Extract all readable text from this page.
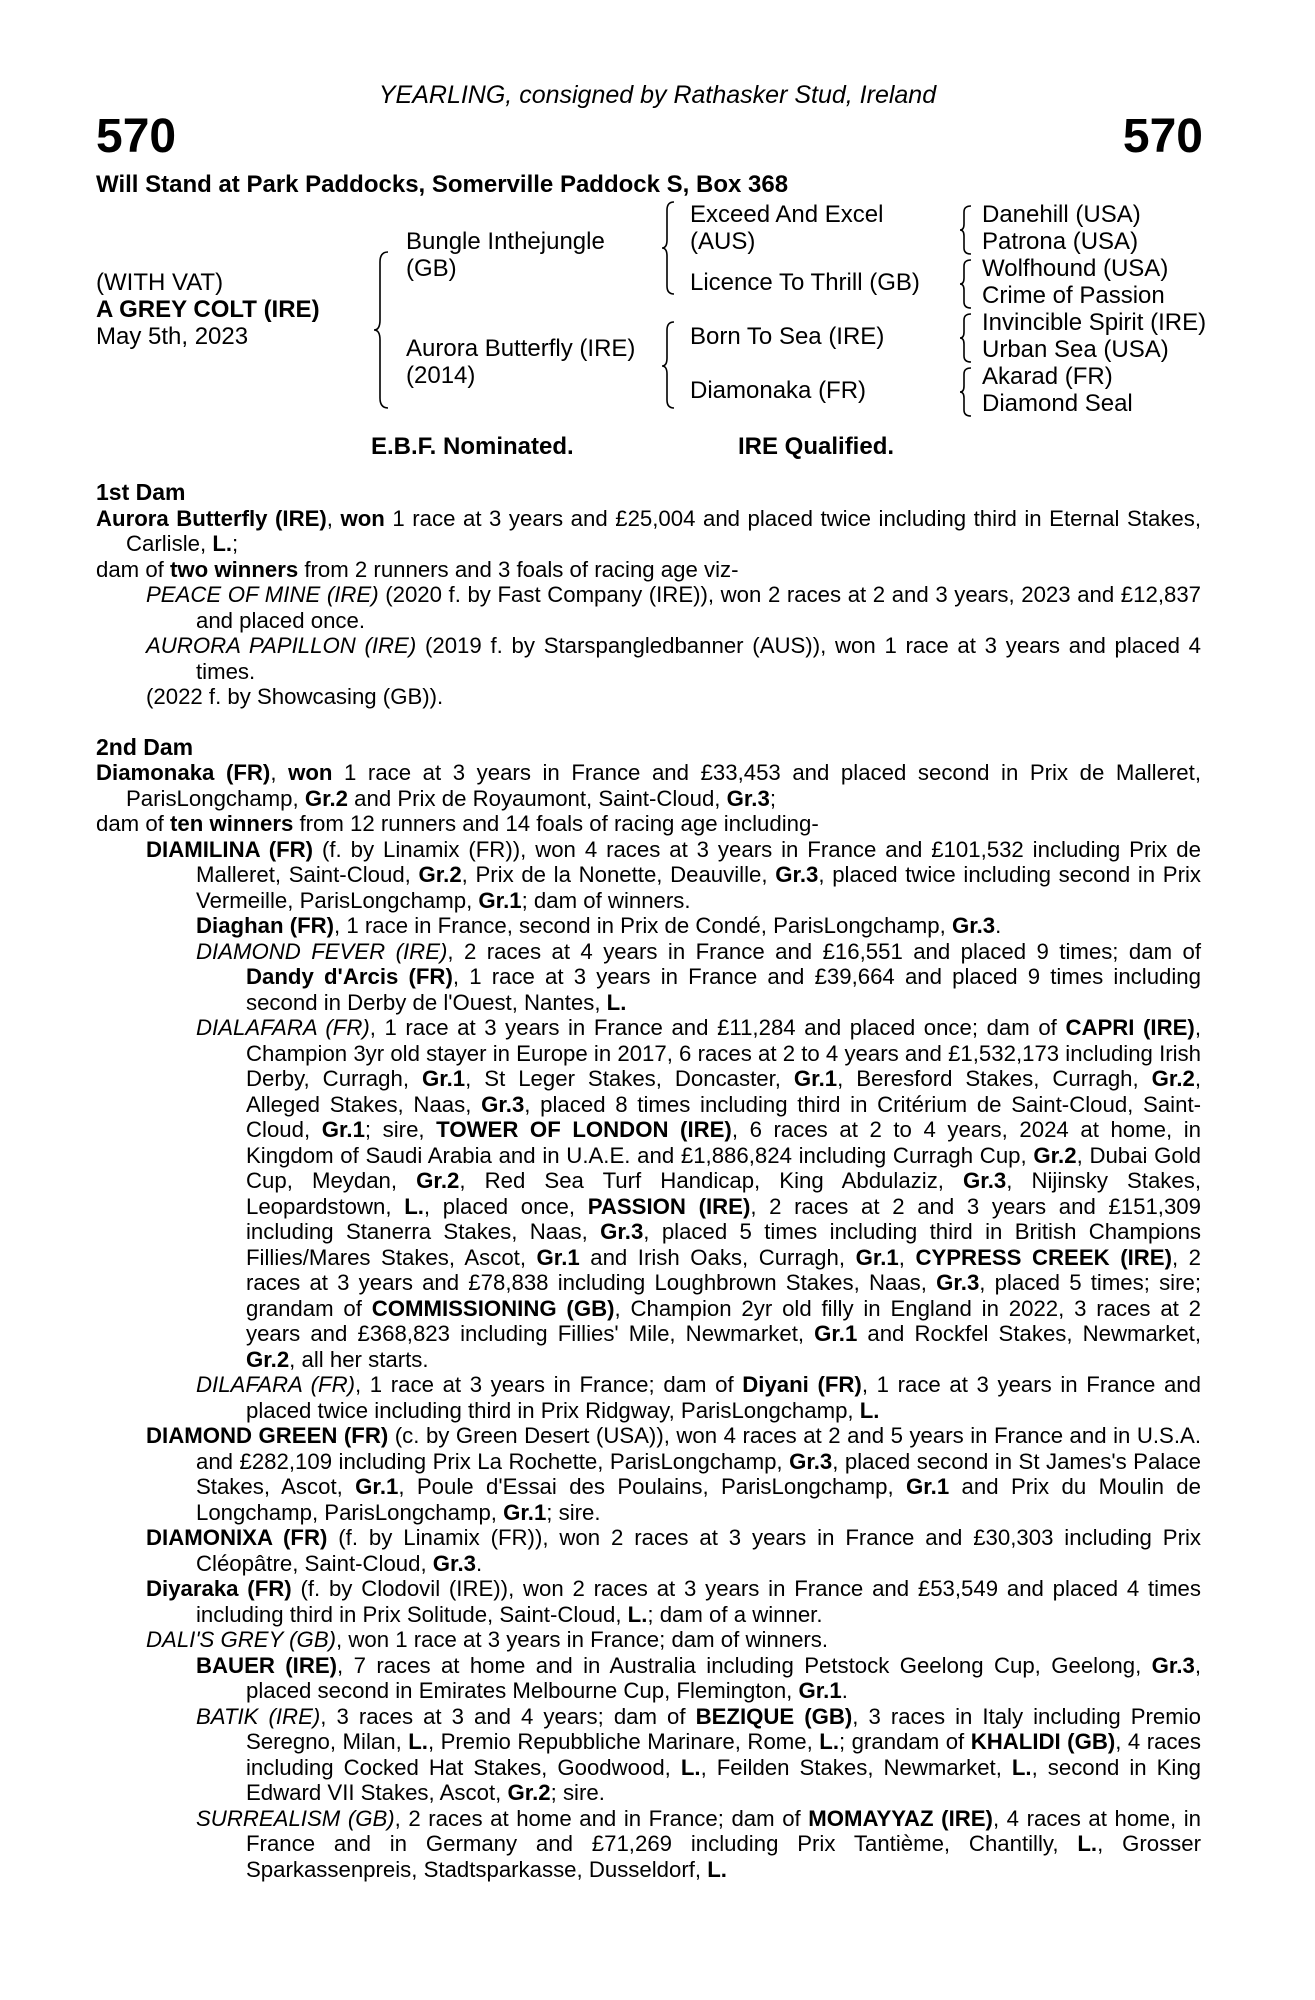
YEARLING, consigned by Rathasker Stud, Ireland
570	570
Will Stand at Park Paddocks, Somerville Paddock S, Box 368
(WITH VAT)
A GREY COLT (IRE)
May 5th, 2023
Bungle Inthejungle
(GB)
Aurora Butterfly (IRE)
(2014)
Exceed And Excel
(AUS)
Licence To Thrill (GB)
Born To Sea (IRE)
Diamonaka (FR)
Danehill (USA)
Patrona (USA)
Wolfhound (USA)
Crime of Passion
Invincible Spirit (IRE)
Urban Sea (USA)
Akarad (FR)
Diamond Seal
E.B.F. Nominated.	IRE Qualified.
1st Dam

Aurora Butterfly (IRE), won 1 race at 3 years and £25,004 and placed twice including third in Eternal Stakes, Carlisle, L.;

dam of two winners from 2 runners and 3 foals of racing age viz-

PEACE OF MINE (IRE) (2020 f. by Fast Company (IRE)), won 2 races at 2 and 3 years, 2023 and £12,837 and placed once.

AURORA PAPILLON (IRE) (2019 f. by Starspangledbanner (AUS)), won 1 race at 3 years and placed 4 times.

(2022 f. by Showcasing (GB)).

2nd Dam

Diamonaka (FR), won 1 race at 3 years in France and £33,453 and placed second in Prix de Malleret, ParisLongchamp, Gr.2 and Prix de Royaumont, Saint-Cloud, Gr.3;

dam of ten winners from 12 runners and 14 foals of racing age including-

DIAMILINA (FR) (f. by Linamix (FR)), won 4 races at 3 years in France and £101,532 including Prix de Malleret, Saint-Cloud, Gr.2, Prix de la Nonette, Deauville, Gr.3, placed twice including second in Prix Vermeille, ParisLongchamp, Gr.1; dam of winners.

Diaghan (FR), 1 race in France, second in Prix de Condé, ParisLongchamp, Gr.3.

DIAMOND FEVER (IRE), 2 races at 4 years in France and £16,551 and placed 9 times; dam of Dandy d'Arcis (FR), 1 race at 3 years in France and £39,664 and placed 9 times including second in Derby de l'Ouest, Nantes, L.

DIALAFARA (FR), 1 race at 3 years in France and £11,284 and placed once; dam of CAPRI (IRE), Champion 3yr old stayer in Europe in 2017, 6 races at 2 to 4 years and £1,532,173 including Irish Derby, Curragh, Gr.1, St Leger Stakes, Doncaster, Gr.1, Beresford Stakes, Curragh, Gr.2, Alleged Stakes, Naas, Gr.3, placed 8 times including third in Critérium de Saint-Cloud, Saint-Cloud, Gr.1; sire, TOWER OF LONDON (IRE), 6 races at 2 to 4 years, 2024 at home, in Kingdom of Saudi Arabia and in U.A.E. and £1,886,824 including Curragh Cup, Gr.2, Dubai Gold Cup, Meydan, Gr.2, Red Sea Turf Handicap, King Abdulaziz, Gr.3, Nijinsky Stakes, Leopardstown, L., placed once, PASSION (IRE), 2 races at 2 and 3 years and £151,309 including Stanerra Stakes, Naas, Gr.3, placed 5 times including third in British Champions Fillies/Mares Stakes, Ascot, Gr.1 and Irish Oaks, Curragh, Gr.1, CYPRESS CREEK (IRE), 2 races at 3 years and £78,838 including Loughbrown Stakes, Naas, Gr.3, placed 5 times; sire; grandam of COMMISSIONING (GB), Champion 2yr old filly in England in 2022, 3 races at 2 years and £368,823 including Fillies' Mile, Newmarket, Gr.1 and Rockfel Stakes, Newmarket, Gr.2, all her starts.

DILAFARA (FR), 1 race at 3 years in France; dam of Diyani (FR), 1 race at 3 years in France and placed twice including third in Prix Ridgway, ParisLongchamp, L.

DIAMOND GREEN (FR) (c. by Green Desert (USA)), won 4 races at 2 and 5 years in France and in U.S.A. and £282,109 including Prix La Rochette, ParisLongchamp, Gr.3, placed second in St James's Palace Stakes, Ascot, Gr.1, Poule d'Essai des Poulains, ParisLongchamp, Gr.1 and Prix du Moulin de Longchamp, ParisLongchamp, Gr.1; sire.

DIAMONIXA (FR) (f. by Linamix (FR)), won 2 races at 3 years in France and £30,303 including Prix Cléopâtre, Saint-Cloud, Gr.3.

Diyaraka (FR) (f. by Clodovil (IRE)), won 2 races at 3 years in France and £53,549 and placed 4 times including third in Prix Solitude, Saint-Cloud, L.; dam of a winner.

DALI'S GREY (GB), won 1 race at 3 years in France; dam of winners.

BAUER (IRE), 7 races at home and in Australia including Petstock Geelong Cup, Geelong, Gr.3, placed second in Emirates Melbourne Cup, Flemington, Gr.1.

BATIK (IRE), 3 races at 3 and 4 years; dam of BEZIQUE (GB), 3 races in Italy including Premio Seregno, Milan, L., Premio Repubbliche Marinare, Rome, L.; grandam of KHALIDI (GB), 4 races including Cocked Hat Stakes, Goodwood, L., Feilden Stakes, Newmarket, L., second in King Edward VII Stakes, Ascot, Gr.2; sire.

SURREALISM (GB), 2 races at home and in France; dam of MOMAYYAZ (IRE), 4 races at home, in France and in Germany and £71,269 including Prix Tantième, Chantilly, L., Grosser Sparkassenpreis, Stadtsparkasse, Dusseldorf, L.
